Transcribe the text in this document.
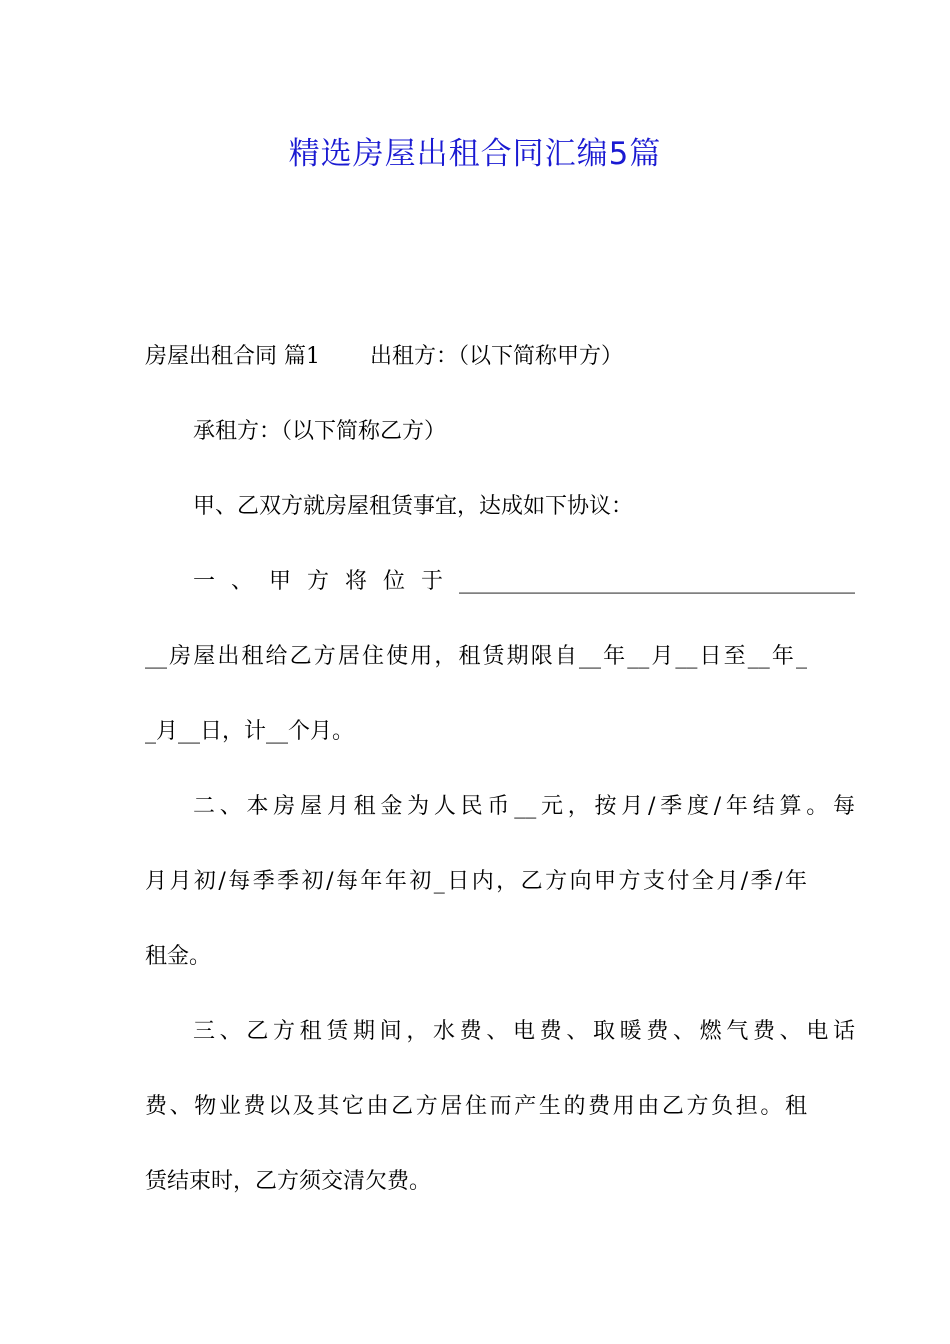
精选房屋出租合同汇编5篇
房屋出租合同 篇1 出租方：（以下简称甲方）
承租方：（以下简称乙方）
甲、乙双方就房屋租赁事宜，达成如下协议：
一、甲方将位于____________________________________
__房屋出租给乙方居住使用，租赁期限自__年__月__日至__年_
_月__日，计__个月。
二、本房屋月租金为人民币__元，按月/季度/年结算。每
月月初/每季季初/每年年初_日内，乙方向甲方支付全月/季/年
租金。
三、乙方租赁期间，水费、电费、取暖费、燃气费、电话
费、物业费以及其它由乙方居住而产生的费用由乙方负担。租
赁结束时，乙方须交清欠费。
